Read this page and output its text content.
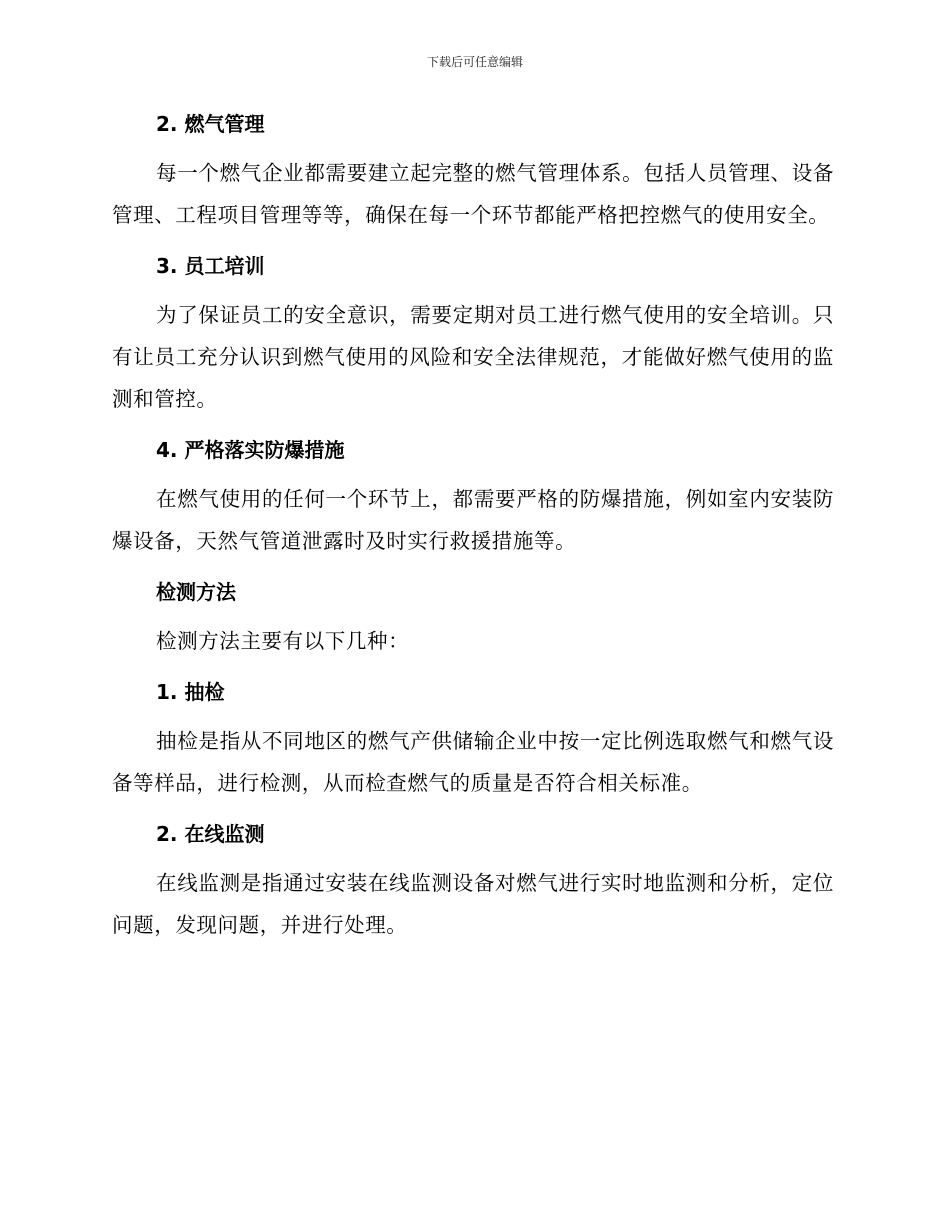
下载后可任意编辑
2. 燃气管理

每一个燃气企业都需要建立起完整的燃气管理体系。包括人员管理、设备管理、工程项目管理等等，确保在每一个环节都能严格把控燃气的使用安全。

3. 员工培训

为了保证员工的安全意识，需要定期对员工进行燃气使用的安全培训。只有让员工充分认识到燃气使用的风险和安全法律规范，才能做好燃气使用的监测和管控。

4. 严格落实防爆措施

在燃气使用的任何一个环节上，都需要严格的防爆措施，例如室内安装防爆设备，天然气管道泄露时及时实行救援措施等。

检测方法

检测方法主要有以下几种：

1. 抽检

抽检是指从不同地区的燃气产供储输企业中按一定比例选取燃气和燃气设备等样品，进行检测，从而检查燃气的质量是否符合相关标准。

2. 在线监测

在线监测是指通过安装在线监测设备对燃气进行实时地监测和分析，定位问题，发现问题，并进行处理。
